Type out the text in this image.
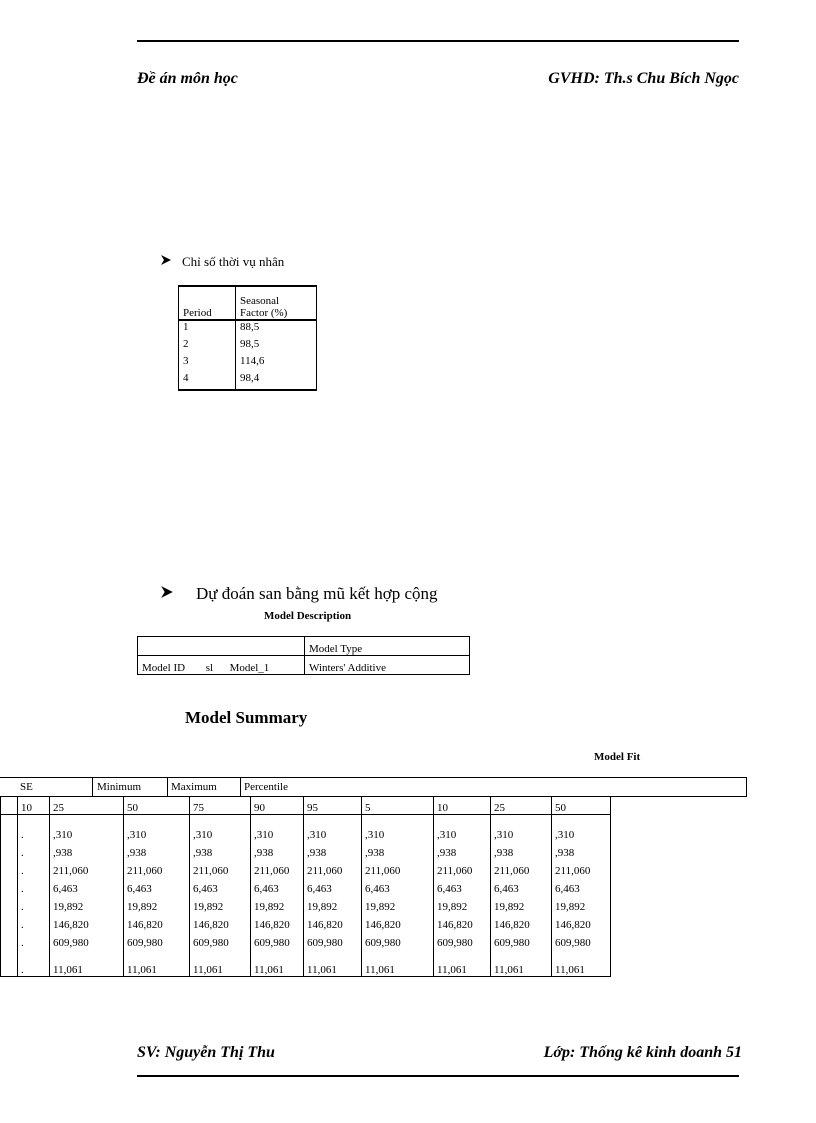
Đề án môn học	GVHD: Th.s Chu Bích Ngọc
Chỉ số thời vụ nhân
Period	Seasonal
Factor (%)
1	88,5
2	98,5
3	114,6
4	98,4
Dự đoán san bằng mũ kết hợp cộng
Model Description
			Model Type
Model ID	sl	Model_1	Winters' Additive
Model Summary
Model Fit
SE	Minimum	Maximum Percentile
	10	25	50	75	90	95	5	10	25	50
	.	,310	,310	,310	,310	,310	,310	,310	,310	,310
	.	,938	,938	,938	,938	,938	,938	,938	,938	,938
	.	211,060	211,060	211,060	211,060	211,060	211,060	211,060	211,060	211,060
	.	6,463	6,463	6,463	6,463	6,463	6,463	6,463	6,463	6,463
	.	19,892	19,892	19,892	19,892	19,892	19,892	19,892	19,892	19,892
	.	146,820	146,820	146,820	146,820	146,820	146,820	146,820	146,820	146,820
	.	609,980	609,980	609,980	609,980	609,980	609,980	609,980	609,980	609,980
	.	11,061	11,061	11,061	11,061	11,061	11,061	11,061	11,061	11,061
SV: Nguyễn Thị Thu	Lớp: Thống kê kinh doanh 51
